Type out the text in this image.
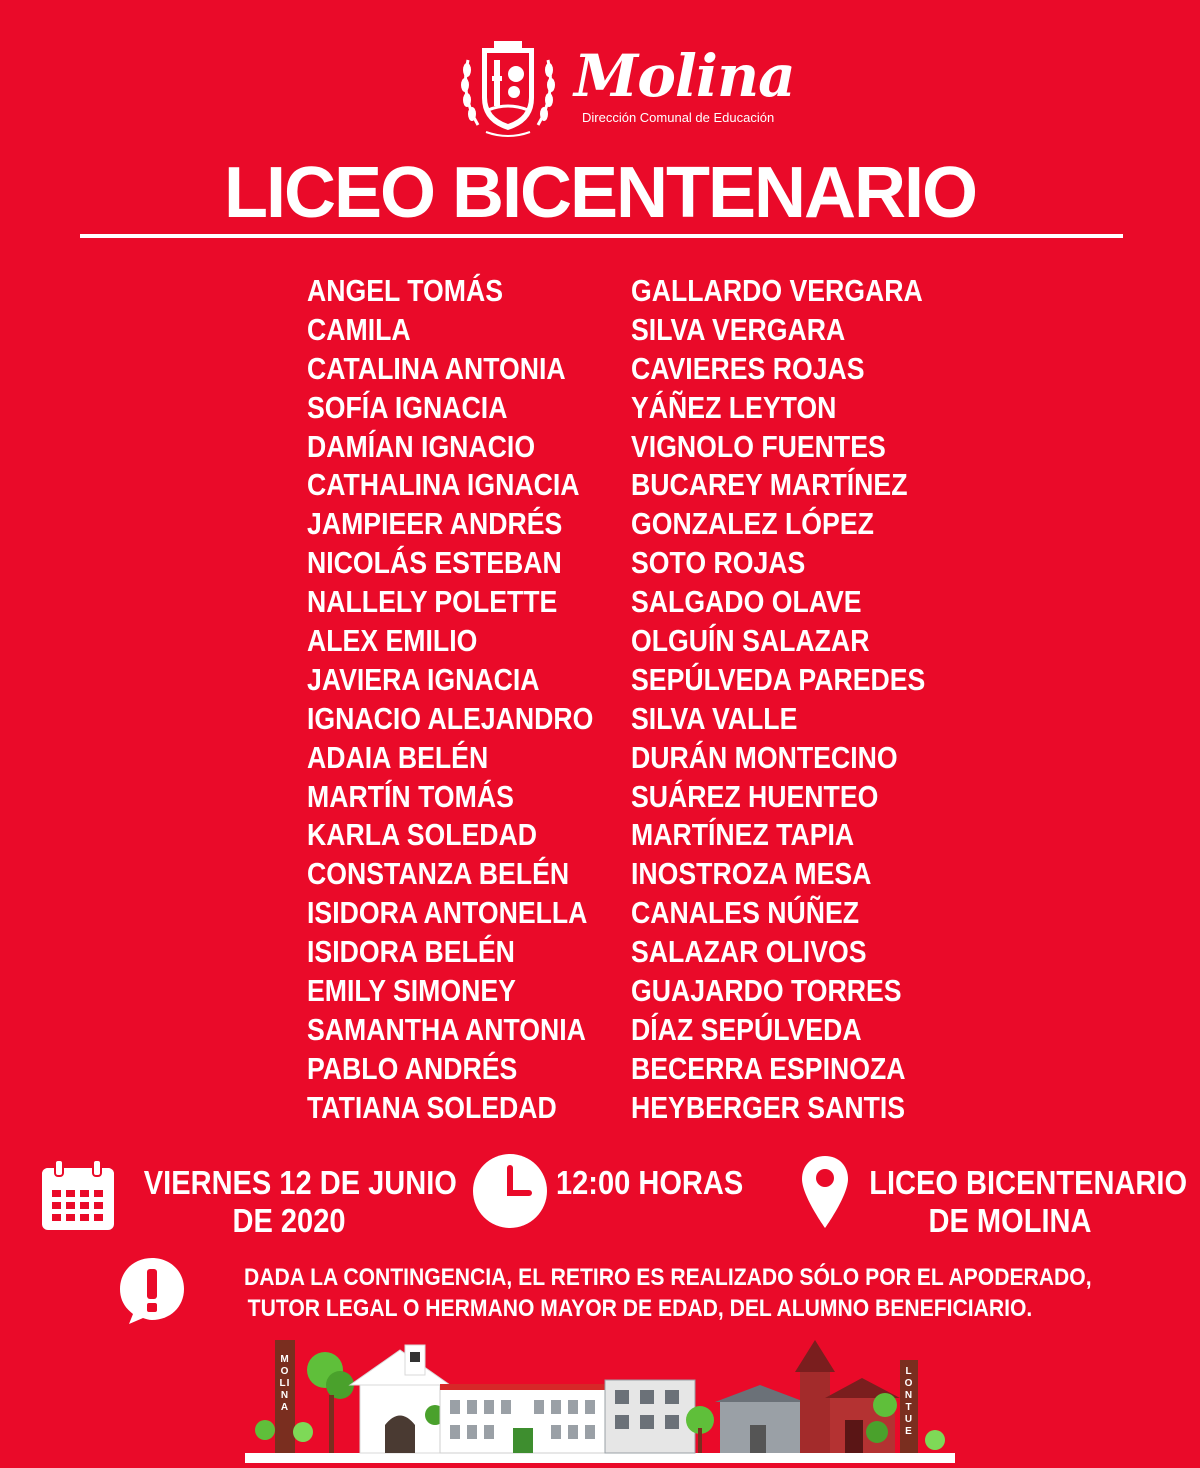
Molina
Dirección Comunal de Educación
LICEO BICENTENARIO
ANGEL TOMÁS
CAMILA
CATALINA ANTONIA
SOFÍA IGNACIA
DAMÍAN IGNACIO
CATHALINA IGNACIA
JAMPIEER ANDRÉS
NICOLÁS ESTEBAN
NALLELY POLETTE
ALEX EMILIO
JAVIERA IGNACIA
IGNACIO ALEJANDRO
ADAIA BELÉN
MARTÍN TOMÁS
KARLA SOLEDAD
CONSTANZA BELÉN
ISIDORA ANTONELLA
ISIDORA BELÉN
EMILY SIMONEY
SAMANTHA ANTONIA
PABLO ANDRÉS
TATIANA SOLEDAD
GALLARDO VERGARA
SILVA VERGARA
CAVIERES ROJAS
YÁÑEZ LEYTON
VIGNOLO FUENTES
BUCAREY MARTÍNEZ
GONZALEZ LÓPEZ
SOTO ROJAS
SALGADO OLAVE
OLGUÍN SALAZAR
SEPÚLVEDA PAREDES
SILVA VALLE
DURÁN MONTECINO
SUÁREZ HUENTEO
MARTÍNEZ TAPIA
INOSTROZA MESA
CANALES NÚÑEZ
SALAZAR OLIVOS
GUAJARDO TORRES
DÍAZ SEPÚLVEDA
BECERRA ESPINOZA
HEYBERGER SANTIS
VIERNES 12 DE JUNIO
DE 2020
12:00 HORAS	LICEO BICENTENARIO
DE MOLINA
DADA LA CONTINGENCIA, EL RETIRO ES REALIZADO SÓLO POR EL APODERADO,
TUTOR LEGAL O HERMANO MAYOR DE EDAD, DEL ALUMNO BENEFICIARIO.
MOLINA
LONTUE
